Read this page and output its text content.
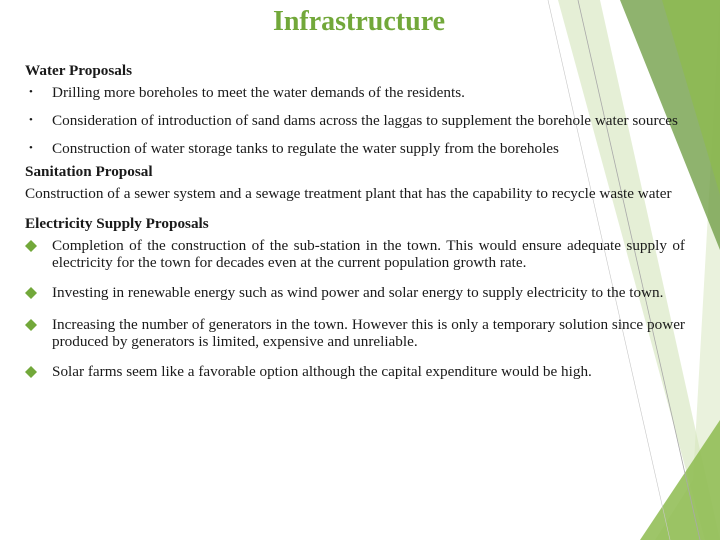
Infrastructure
Water Proposals
•	Drilling more boreholes to meet the water demands of the residents.
•	Consideration of introduction of sand dams across the laggas to supplement the borehole water sources
•	Construction of water storage tanks to regulate the water supply from the boreholes
Sanitation Proposal
Construction of a sewer system and a sewage treatment plant that has the capability to recycle waste water
Electricity Supply Proposals
Completion of the construction of the sub-station in the town. This would ensure adequate supply of electricity for the town for decades even at the current population growth rate.
Investing in renewable energy such as wind power and solar energy to supply electricity to the town.
Increasing the number of generators in the town. However this is only a temporary solution since power produced by generators is limited, expensive and unreliable.
Solar farms seem like a favorable option although the capital expenditure would be high.
